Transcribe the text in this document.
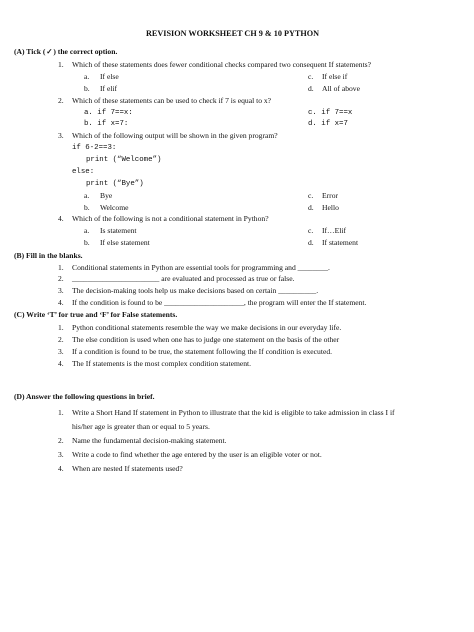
REVISION WORKSHEET CH 9 & 10 PYTHON
(A) Tick (✓) the correct option.
1. Which of these statements does fewer conditional checks compared two consequent If statements?
a. If else	c. If else if
b. If elif	d. All of above
2. Which of these statements can be used to check if 7 is equal to x?
a. if 7==x:	c. if 7==x
b. if x=7:	d. if x=7
3. Which of the following output will be shown in the given program?
if 6-2==3:
print (“Welcome”)
else:
print (“Bye”)
a. Bye	c. Error
b. Welcome	d. Hello
4. Which of the following is not a conditional statement in Python?
a. Is statement	c. If…Elif
b. If else statement	d. If statement
(B) Fill in the blanks.
1. Conditional statements in Python are essential tools for programming and ________.
2. _______________________ are evaluated and processed as true or false.
3. The decision-making tools help us make decisions based on certain __________.
4. If the condition is found to be _____________________, the program will enter the If statement.
(C) Write ‘T’ for true and ‘F’ for False statements.
1. Python conditional statements resemble the way we make decisions in our everyday life.
2. The else condition is used when one has to judge one statement on the basis of the other
3. If a condition is found to be true, the statement following the If condition is executed.
4. The If statements is the most complex condition statement.
(D) Answer the following questions in brief.
1. Write a Short Hand If statement in Python to illustrate that the kid is eligible to take admission in class I if
his/her age is greater than or equal to 5 years.
2. Name the fundamental decision-making statement.
3. Write a code to find whether the age entered by the user is an eligible voter or not.
4. When are nested If statements used?
